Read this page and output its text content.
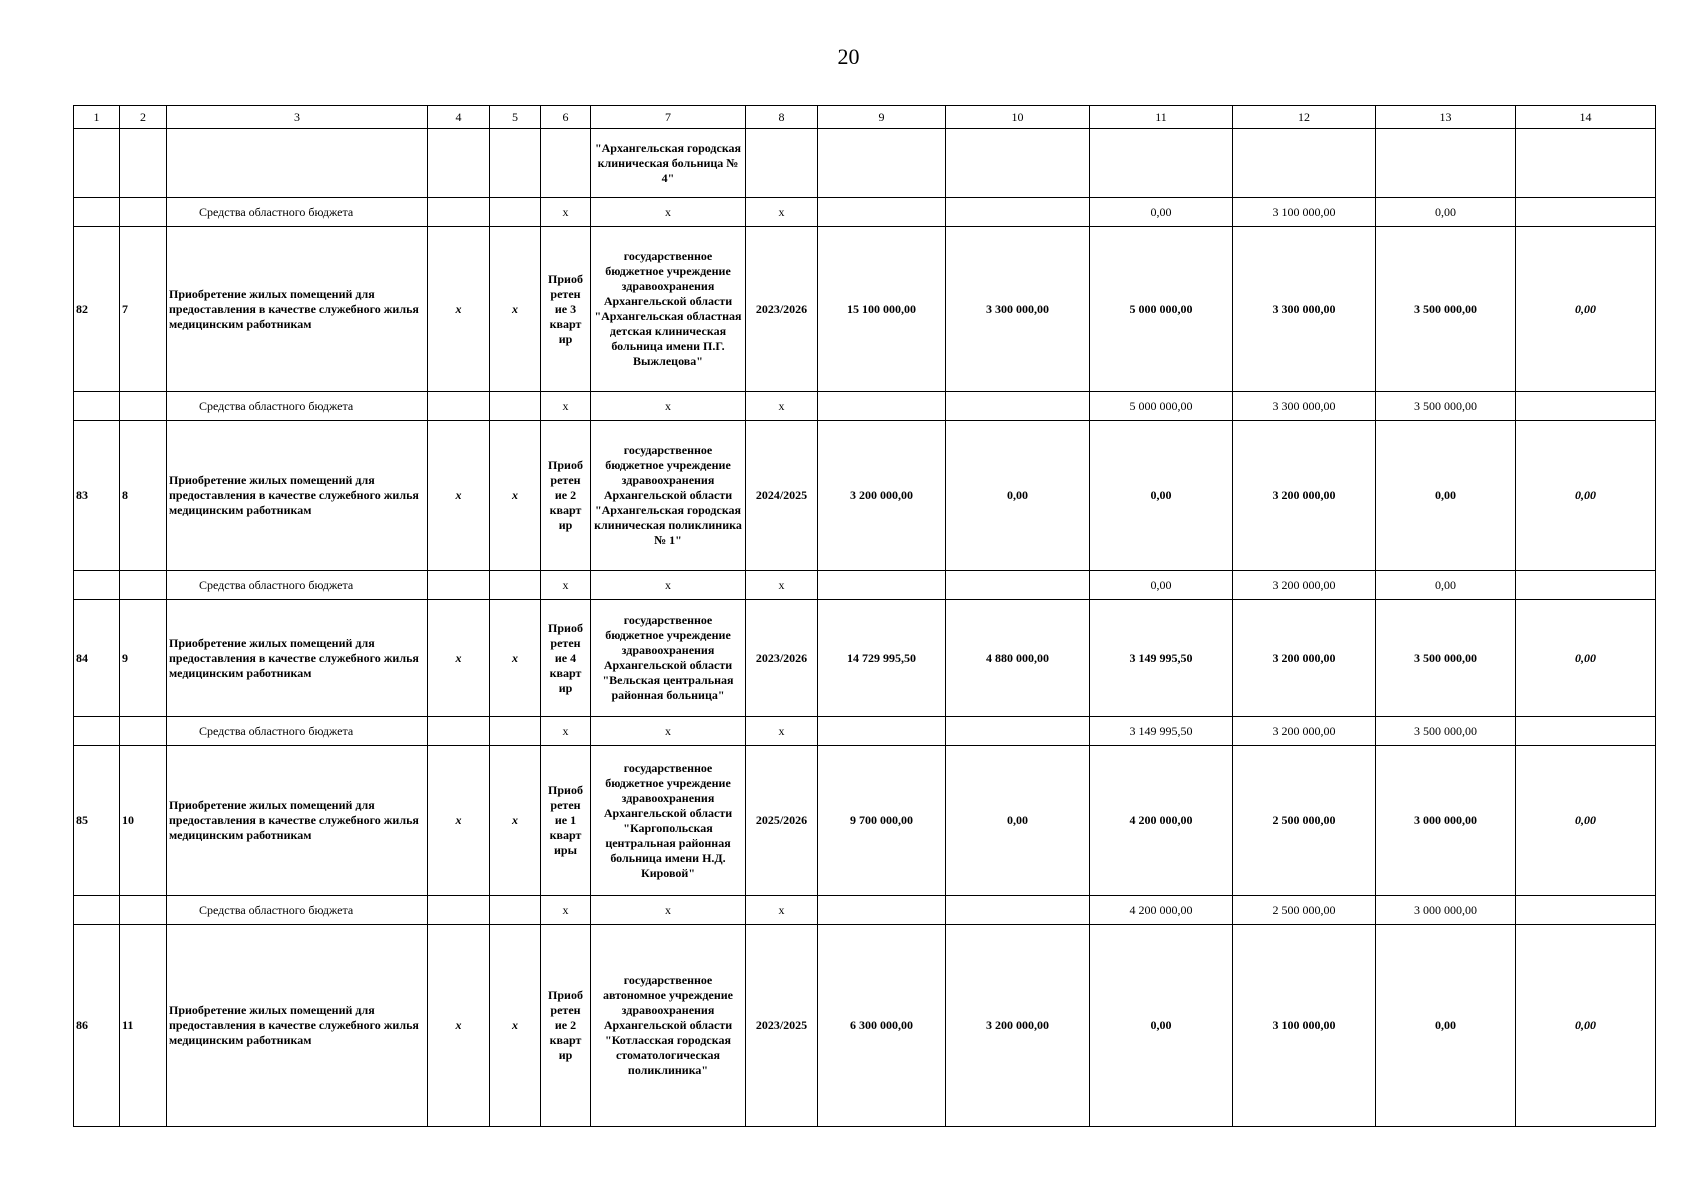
20
1	2	3	4	5	6	7	8	9	10	11	12	13	14
						"Архангельская городская клиническая больница № 4"							
		Средства областного бюджета			х	х	х			0,00	3 100 000,00	0,00	
82	7	Приобретение жилых помещений для предоставления в качестве служебного жилья медицинским работникам	х	х	Приоб ретен ие 3 кварт ир	государственное бюджетное учреждение здравоохранения Архангельской области "Архангельская областная детская клиническая больница имени П.Г. Выжлецова"	2023/2026	15 100 000,00	3 300 000,00	5 000 000,00	3 300 000,00	3 500 000,00	0,00
		Средства областного бюджета			х	х	х			5 000 000,00	3 300 000,00	3 500 000,00	
83	8	Приобретение жилых помещений для предоставления в качестве служебного жилья медицинским работникам	х	х	Приоб ретен ие 2 кварт ир	государственное бюджетное учреждение здравоохранения Архангельской области "Архангельская городская клиническая поликлиника № 1"	2024/2025	3 200 000,00	0,00	0,00	3 200 000,00	0,00	0,00
		Средства областного бюджета			х	х	х			0,00	3 200 000,00	0,00	
84	9	Приобретение жилых помещений для предоставления в качестве служебного жилья медицинским работникам	х	х	Приоб ретен ие 4 кварт ир	государственное бюджетное учреждение здравоохранения Архангельской области "Вельская центральная районная больница"	2023/2026	14 729 995,50	4 880 000,00	3 149 995,50	3 200 000,00	3 500 000,00	0,00
		Средства областного бюджета			х	х	х			3 149 995,50	3 200 000,00	3 500 000,00	
85	10	Приобретение жилых помещений для предоставления в качестве служебного жилья медицинским работникам	х	х	Приоб ретен ие 1 кварт иры	государственное бюджетное учреждение здравоохранения Архангельской области "Каргопольская центральная районная больница имени Н.Д. Кировой"	2025/2026	9 700 000,00	0,00	4 200 000,00	2 500 000,00	3 000 000,00	0,00
		Средства областного бюджета			х	х	х			4 200 000,00	2 500 000,00	3 000 000,00	
86	11	Приобретение жилых помещений для предоставления в качестве служебного жилья медицинским работникам	х	х	Приоб ретен ие 2 кварт ир	государственное автономное учреждение здравоохранения Архангельской области "Котласская городская стоматологическая поликлиника"	2023/2025	6 300 000,00	3 200 000,00	0,00	3 100 000,00	0,00	0,00
